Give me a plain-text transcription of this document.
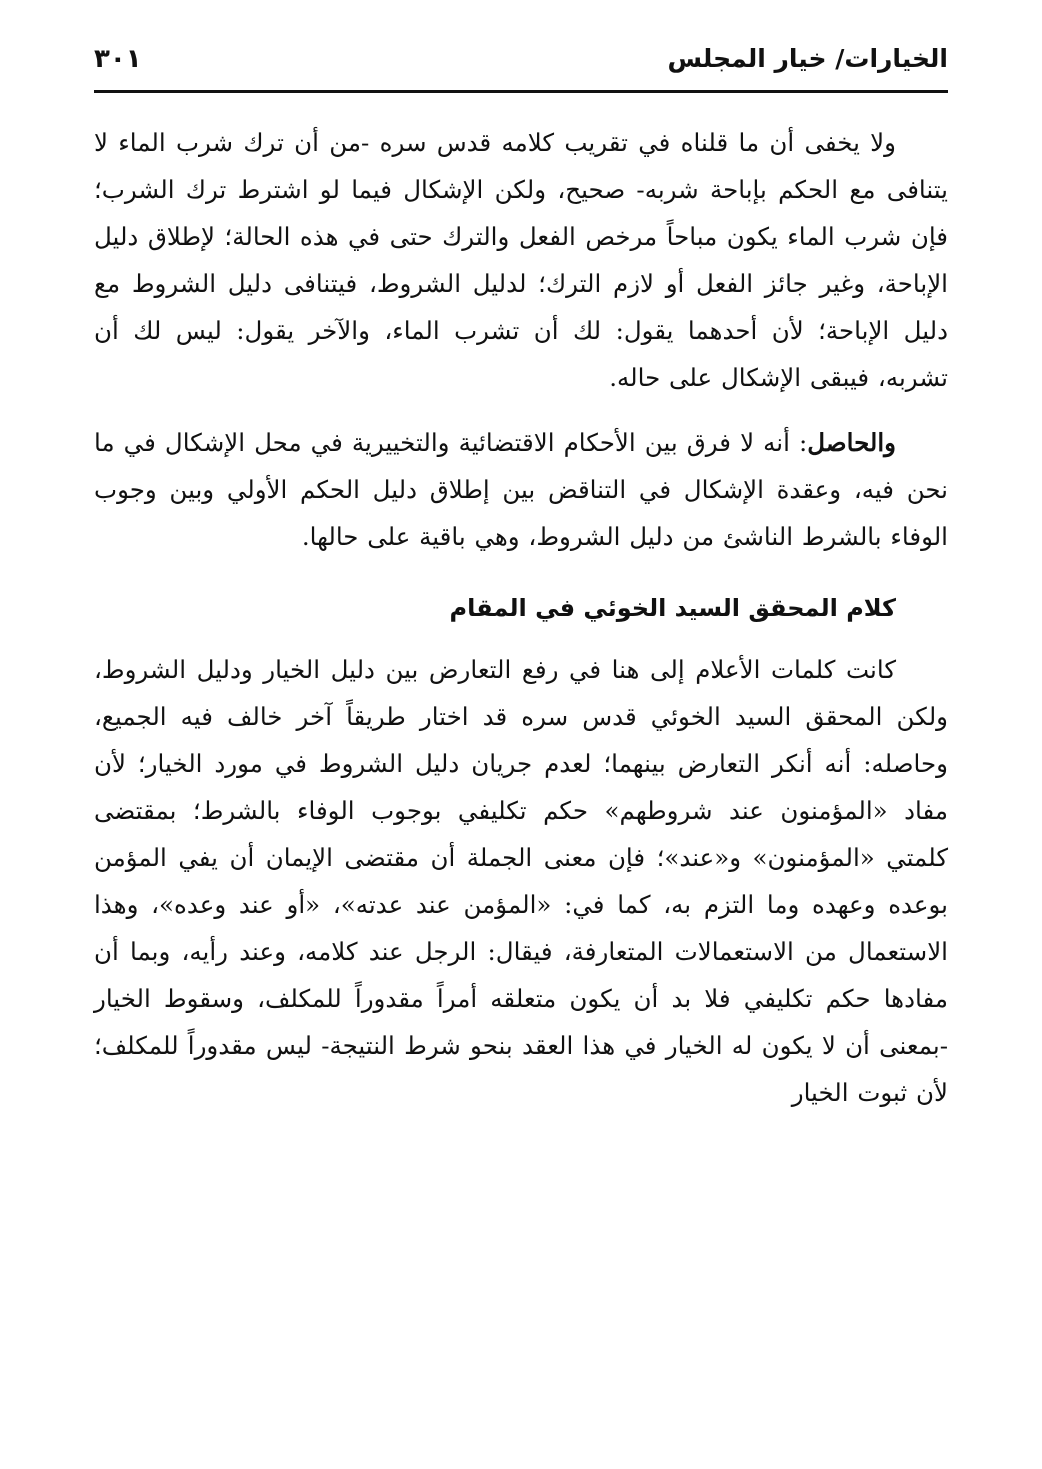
الخيارات/ خيار المجلس
٣٠١

ولا يخفى أن ما قلناه في تقريب كلامه قدس سره -من أن ترك شرب الماء لا يتنافى مع الحكم بإباحة شربه- صحيح، ولكن الإشكال فيما لو اشترط ترك الشرب؛ فإن شرب الماء يكون مباحاً مرخص الفعل والترك حتى في هذه الحالة؛ لإطلاق دليل الإباحة، وغير جائز الفعل أو لازم الترك؛ لدليل الشروط، فيتنافى دليل الشروط مع دليل الإباحة؛ لأن أحدهما يقول: لك أن تشرب الماء، والآخر يقول: ليس لك أن تشربه، فيبقى الإشكال على حاله.

والحاصل: أنه لا فرق بين الأحكام الاقتضائية والتخييرية في محل الإشكال في ما نحن فيه، وعقدة الإشكال في التناقض بين إطلاق دليل الحكم الأولي وبين وجوب الوفاء بالشرط الناشئ من دليل الشروط، وهي باقية على حالها.

كلام المحقق السيد الخوئي في المقام

كانت كلمات الأعلام إلى هنا في رفع التعارض بين دليل الخيار ودليل الشروط، ولكن المحقق السيد الخوئي قدس سره قد اختار طريقاً آخر خالف فيه الجميع، وحاصله: أنه أنكر التعارض بينهما؛ لعدم جريان دليل الشروط في مورد الخيار؛ لأن مفاد «المؤمنون عند شروطهم» حكم تكليفي بوجوب الوفاء بالشرط؛ بمقتضى كلمتي «المؤمنون» و«عند»؛ فإن معنى الجملة أن مقتضى الإيمان أن يفي المؤمن بوعده وعهده وما التزم به، كما في: «المؤمن عند عدته»، «أو عند وعده»، وهذا الاستعمال من الاستعمالات المتعارفة، فيقال: الرجل عند كلامه، وعند رأيه، وبما أن مفادها حكم تكليفي فلا بد أن يكون متعلقه أمراً مقدوراً للمكلف، وسقوط الخيار -بمعنى أن لا يكون له الخيار في هذا العقد بنحو شرط النتيجة- ليس مقدوراً للمكلف؛ لأن ثبوت الخيار
